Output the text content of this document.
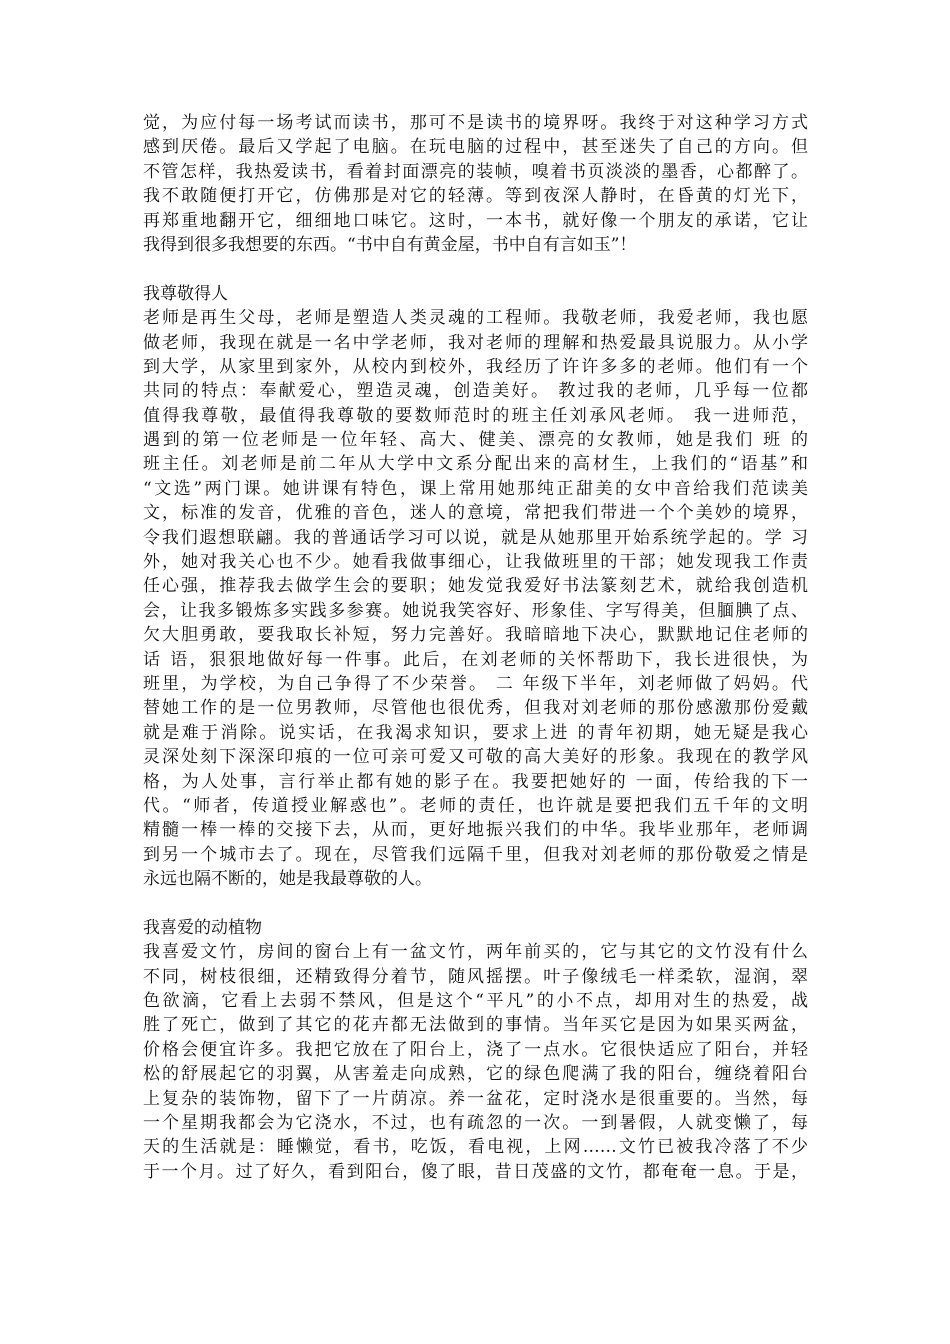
觉，为应付每一场考试而读书，那可不是读书的境界呀。我终于对这种学习方式
感到厌倦。最后又学起了电脑。在玩电脑的过程中，甚至迷失了自己的方向。但
不管怎样，我热爱读书，看着封面漂亮的装帧，嗅着书页淡淡的墨香，心都醉了。
我不敢随便打开它，仿佛那是对它的轻薄。等到夜深人静时，在昏黄的灯光下，
再郑重地翻开它，细细地口味它。这时，一本书，就好像一个朋友的承诺，它让
我得到很多我想要的东西。“书中自有黄金屋，书中自有言如玉”！
我尊敬得人
老师是再生父母，老师是塑造人类灵魂的工程师。我敬老师，我爱老师，我也愿
做老师，我现在就是一名中学老师，我对老师的理解和热爱最具说服力。从小学
到大学，从家里到家外，从校内到校外，我经历了许许多多的老师。他们有一个
共同的特点：奉献爱心，塑造灵魂，创造美好。 教过我的老师，几乎每一位都
值得我尊敬，最值得我尊敬的要数师范时的班主任刘承风老师。 我一进师范，
遇到的第一位老师是一位年轻、高大、健美、漂亮的女教师，她是我们 班 的
班主任。刘老师是前二年从大学中文系分配出来的高材生，上我们的“语基”和
“文选”两门课。她讲课有特色，课上常用她那纯正甜美的女中音给我们范读美
文，标准的发音，优雅的音色，迷人的意境，常把我们带进一个个美妙的境界，
令我们遐想联翩。我的普通话学习可以说，就是从她那里开始系统学起的。学 习
外，她对我关心也不少。她看我做事细心，让我做班里的干部；她发现我工作责
任心强，推荐我去做学生会的要职；她发觉我爱好书法篆刻艺术，就给我创造机
会，让我多锻炼多实践多参赛。她说我笑容好、形象佳、字写得美，但腼腆了点、
欠大胆勇敢，要我取长补短，努力完善好。我暗暗地下决心，默默地记住老师的
话 语，狠狠地做好每一件事。此后，在刘老师的关怀帮助下，我长进很快，为
班里，为学校，为自己争得了不少荣誉。 二 年级下半年，刘老师做了妈妈。代
替她工作的是一位男教师，尽管他也很优秀，但我对刘老师的那份感激那份爱戴
就是难于消除。说实话，在我渴求知识，要求上进 的青年初期，她无疑是我心
灵深处刻下深深印痕的一位可亲可爱又可敬的高大美好的形象。我现在的教学风
格，为人处事，言行举止都有她的影子在。我要把她好的 一面，传给我的下一
代。“师者，传道授业解惑也”。老师的责任，也许就是要把我们五千年的文明
精髓一棒一棒的交接下去，从而，更好地振兴我们的中华。我毕业那年，老师调
到另一个城市去了。现在，尽管我们远隔千里，但我对刘老师的那份敬爱之情是
永远也隔不断的，她是我最尊敬的人。
我喜爱的动植物
我喜爱文竹，房间的窗台上有一盆文竹，两年前买的，它与其它的文竹没有什么
不同，树枝很细，还精致得分着节，随风摇摆。叶子像绒毛一样柔软，湿润，翠
色欲滴，它看上去弱不禁风，但是这个“平凡”的小不点，却用对生的热爱，战
胜了死亡，做到了其它的花卉都无法做到的事情。当年买它是因为如果买两盆，
价格会便宜许多。我把它放在了阳台上，浇了一点水。它很快适应了阳台，并轻
松的舒展起它的羽翼，从害羞走向成熟，它的绿色爬满了我的阳台，缠绕着阳台
上复杂的装饰物，留下了一片荫凉。养一盆花，定时浇水是很重要的。当然，每
一个星期我都会为它浇水，不过，也有疏忽的一次。一到暑假，人就变懒了，每
天的生活就是：睡懒觉，看书，吃饭，看电视，上网……文竹已被我冷落了不少
于一个月。过了好久，看到阳台，傻了眼，昔日茂盛的文竹，都奄奄一息。于是，
